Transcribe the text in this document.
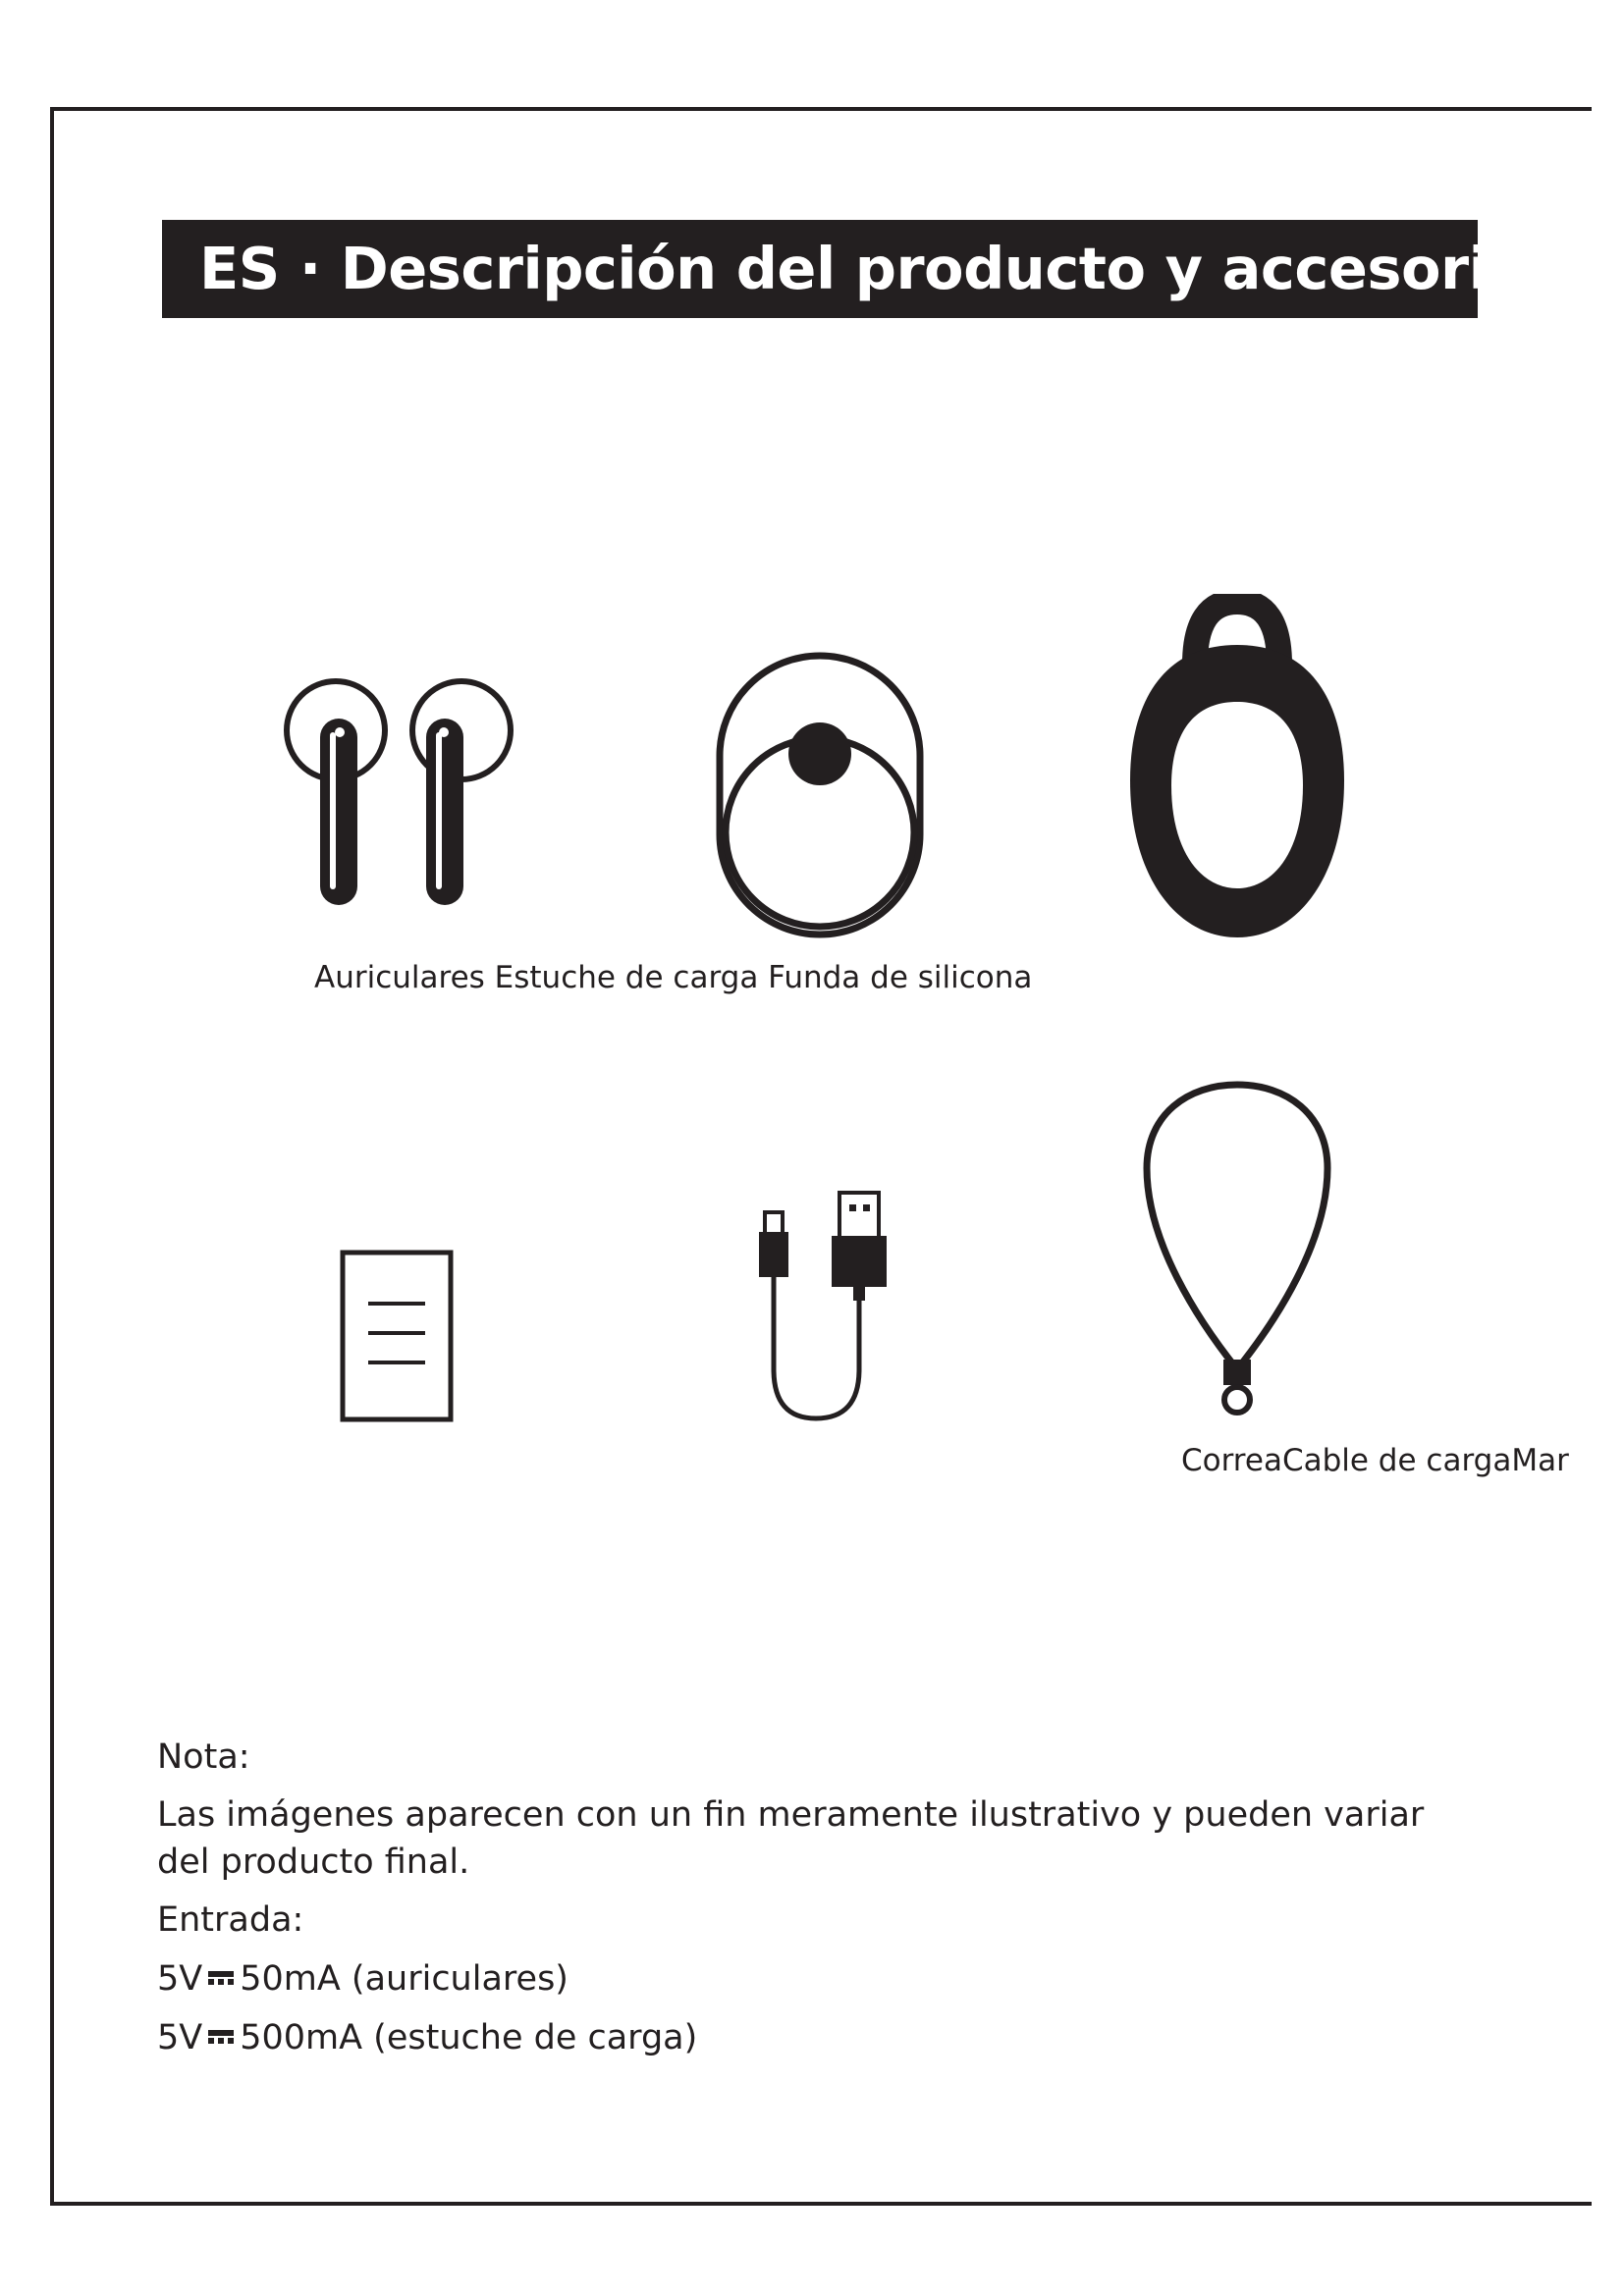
ES · Descripción del producto y accesorios
Auriculares Estuche de carga Funda de silicona
CorreaCable de cargaMar

Nota:

Las imágenes aparecen con un fin meramente ilustrativo y pueden variar del producto final.

Entrada:

5V 50mA (auriculares)

5V 500mA (estuche de carga)
